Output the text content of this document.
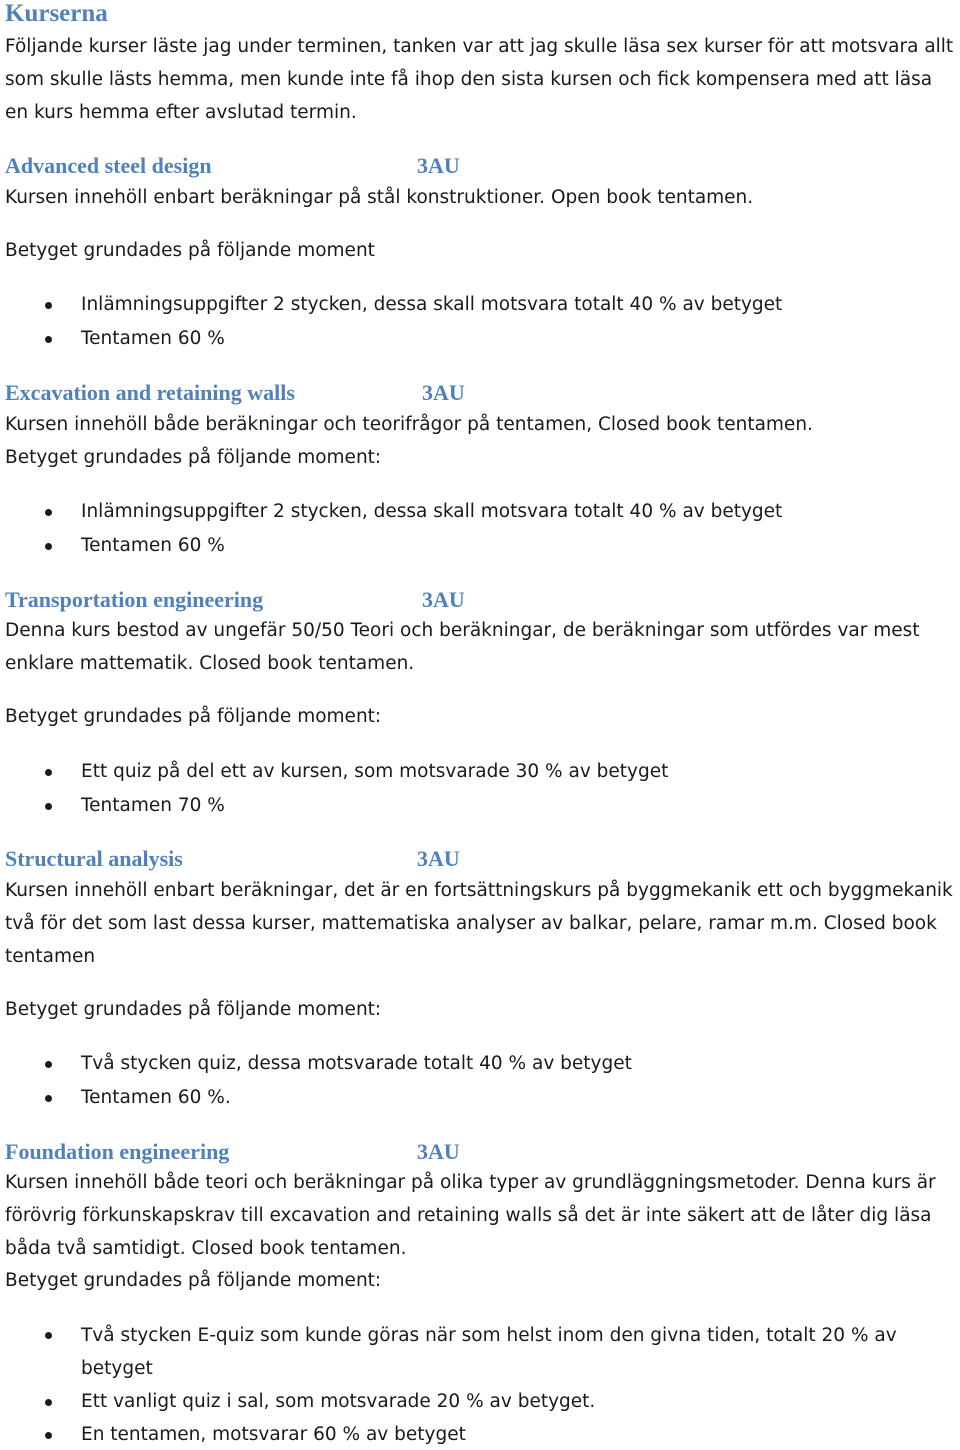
Kurserna

Följande kurser läste jag under terminen, tanken var att jag skulle läsa sex kurser för att motsvara allt som skulle lästs hemma, men kunde inte få ihop den sista kursen och fick kompensera med att läsa en kurs hemma efter avslutad termin.

Advanced steel design	3AU
Kursen innehöll enbart beräkningar på stål konstruktioner. Open book tentamen.
Betyget grundades på följande moment
Inlämningsuppgifter 2 stycken, dessa skall motsvara totalt 40 % av betyget
Tentamen 60 %
Excavation and retaining walls	3AU
Kursen innehöll både beräkningar och teorifrågor på tentamen, Closed book tentamen.
Betyget grundades på följande moment:
Inlämningsuppgifter 2 stycken, dessa skall motsvara totalt 40 % av betyget
Tentamen 60 %
Transportation engineering	3AU

Denna kurs bestod av ungefär 50/50 Teori och beräkningar, de beräkningar som utfördes var mest enklare mattematik. Closed book tentamen.

Betyget grundades på följande moment:
Ett quiz på del ett av kursen, som motsvarade 30 % av betyget
Tentamen 70 %
Structural analysis	3AU

Kursen innehöll enbart beräkningar, det är en fortsättningskurs på byggmekanik ett och byggmekanik två för det som last dessa kurser, mattematiska analyser av balkar, pelare, ramar m.m. Closed book tentamen

Betyget grundades på följande moment:
Två stycken quiz, dessa motsvarade totalt 40 % av betyget
Tentamen 60 %.
Foundation engineering	3AU

Kursen innehöll både teori och beräkningar på olika typer av grundläggningsmetoder. Denna kurs är förövrig förkunskapskrav till excavation and retaining walls så det är inte säkert att de låter dig läsa båda två samtidigt. Closed book tentamen.

Betyget grundades på följande moment:
Två stycken E-quiz som kunde göras när som helst inom den givna tiden, totalt 20 % av betyget
Ett vanligt quiz i sal, som motsvarade 20 % av betyget.
En tentamen, motsvarar 60 % av betyget
